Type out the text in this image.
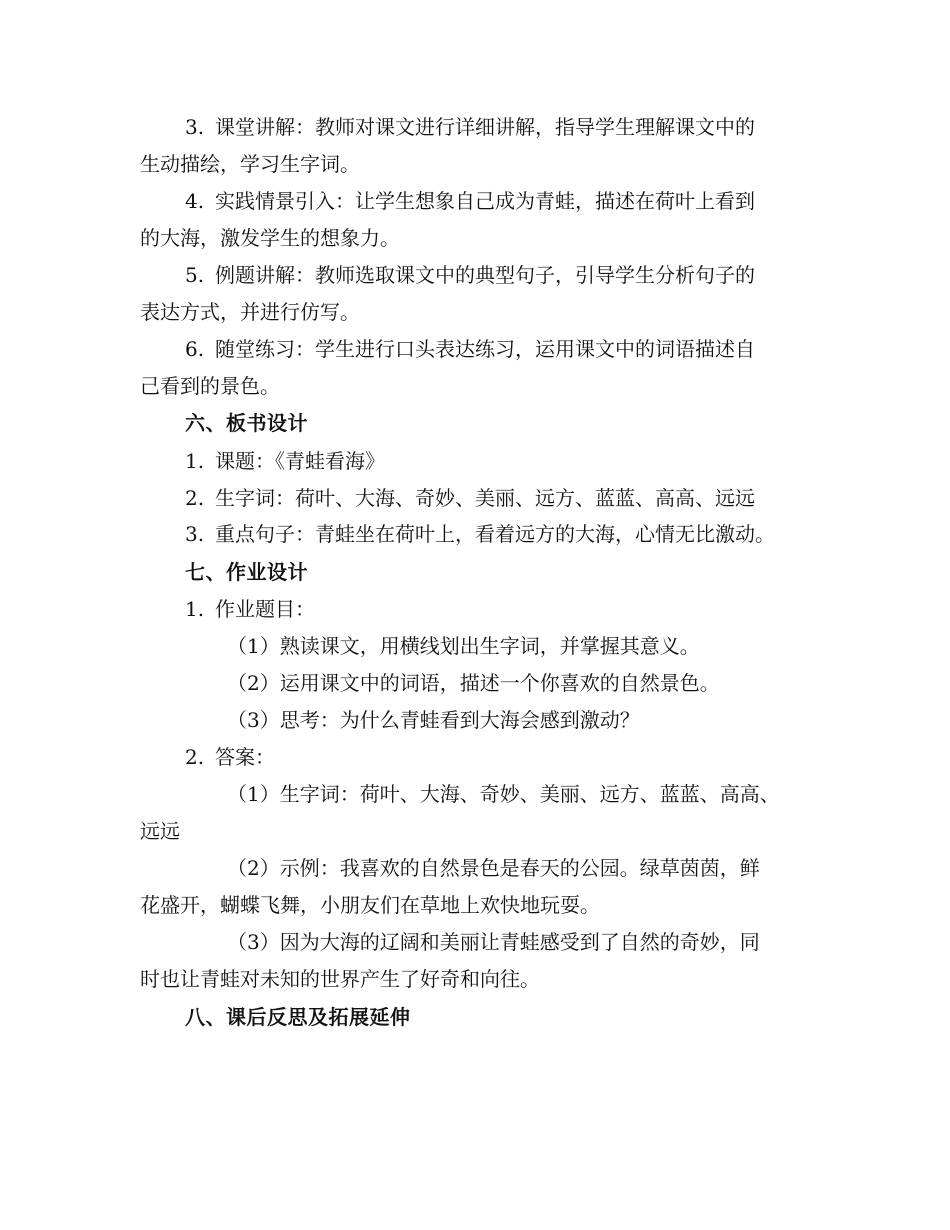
3. 课堂讲解：教师对课文进行详细讲解，指导学生理解课文中的
生动描绘，学习生字词。
4. 实践情景引入：让学生想象自己成为青蛙，描述在荷叶上看到
的大海，激发学生的想象力。
5. 例题讲解：教师选取课文中的典型句子，引导学生分析句子的
表达方式，并进行仿写。
6. 随堂练习：学生进行口头表达练习，运用课文中的词语描述自
己看到的景色。
六、板书设计
1. 课题：《青蛙看海》
2. 生字词：荷叶、大海、奇妙、美丽、远方、蓝蓝、高高、远远
3. 重点句子：青蛙坐在荷叶上，看着远方的大海，心情无比激动。
七、作业设计
1. 作业题目：
（1）熟读课文，用横线划出生字词，并掌握其意义。
（2）运用课文中的词语，描述一个你喜欢的自然景色。
（3）思考：为什么青蛙看到大海会感到激动？
2. 答案：
（1）生字词：荷叶、大海、奇妙、美丽、远方、蓝蓝、高高、
远远
（2）示例：我喜欢的自然景色是春天的公园。绿草茵茵，鲜
花盛开，蝴蝶飞舞，小朋友们在草地上欢快地玩耍。
（3）因为大海的辽阔和美丽让青蛙感受到了自然的奇妙，同
时也让青蛙对未知的世界产生了好奇和向往。
八、课后反思及拓展延伸
